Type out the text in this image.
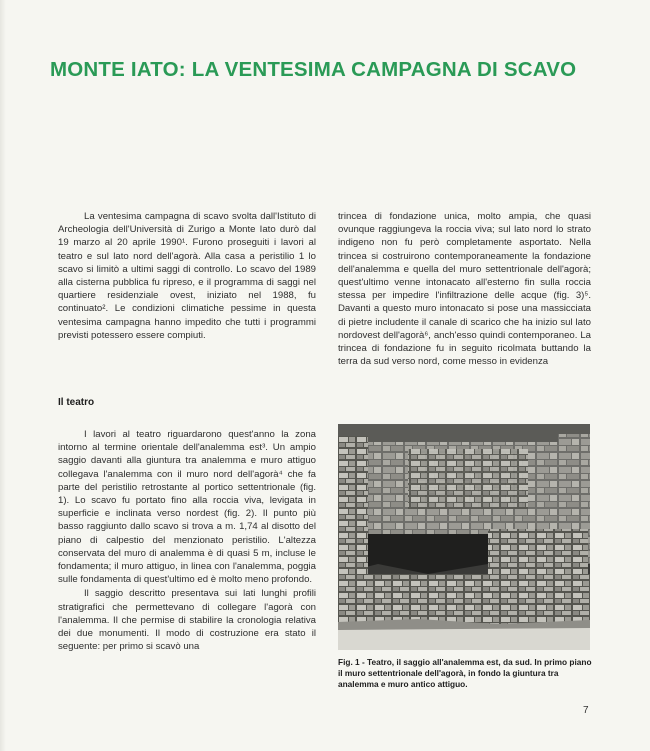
MONTE IATO: LA VENTESIMA CAMPAGNA DI SCAVO

La ventesima campagna di scavo svolta dall'Istituto di Archeologia dell'Università di Zurigo a Monte Iato durò dal 19 marzo al 20 aprile 1990¹. Furono proseguiti i lavori al teatro e sul lato nord dell'agorà. Alla casa a peristilio 1 lo scavo si limitò a ultimi saggi di controllo. Lo scavo del 1989 alla cisterna pubblica fu ripreso, e il programma di saggi nel quartiere residenziale ovest, iniziato nel 1988, fu continuato². Le condizioni climatiche pessime in questa ventesima campagna hanno impedito che tutti i programmi previsti potessero essere compiuti.

Il teatro

I lavori al teatro riguardarono quest'anno la zona intorno al termine orientale dell'analemma est³. Un ampio saggio davanti alla giuntura tra analemma e muro attiguo collegava l'analemma con il muro nord dell'agorà⁴ che fa parte del peristilio retrostante al portico settentrionale (fig. 1). Lo scavo fu portato fino alla roccia viva, levigata in superficie e inclinata verso nordest (fig. 2). Il punto più basso raggiunto dallo scavo si trova a m. 1,74 al disotto del piano di calpestio del menzionato peristilio. L'altezza conservata del muro di analemma è di quasi 5 m, incluse le fondamenta; il muro attiguo, in linea con l'analemma, poggia sulle fondamenta di quest'ultimo ed è molto meno profondo.

Il saggio descritto presentava sui lati lunghi profili stratigrafici che permettevano di collegare l'agorà con l'analemma. Il che permise di stabilire la cronologia relativa dei due monumenti. Il modo di costruzione era stato il seguente: per primo si scavò una

trincea di fondazione unica, molto ampia, che quasi ovunque raggiungeva la roccia viva; sul lato nord lo strato indigeno non fu però completamente asportato. Nella trincea si costruirono contemporaneamente la fondazione dell'analemma e quella del muro settentrionale dell'agorà; quest'ultimo venne intonacato all'esterno fin sulla roccia stessa per impedire l'infiltrazione delle acque (fig. 3)⁵. Davanti a questo muro intonacato si pose una massicciata di pietre includente il canale di scarico che ha inizio sul lato nordovest dell'agorà⁶, anch'esso quindi contemporaneo. La trincea di fondazione fu in seguito ricolmata buttando la terra da sud verso nord, come messo in evidenza

Fig. 1 - Teatro, il saggio all'analemma est, da sud. In primo piano il muro settentrionale dell'agorà, in fondo la giuntura tra analemma e muro antico attiguo.

7
